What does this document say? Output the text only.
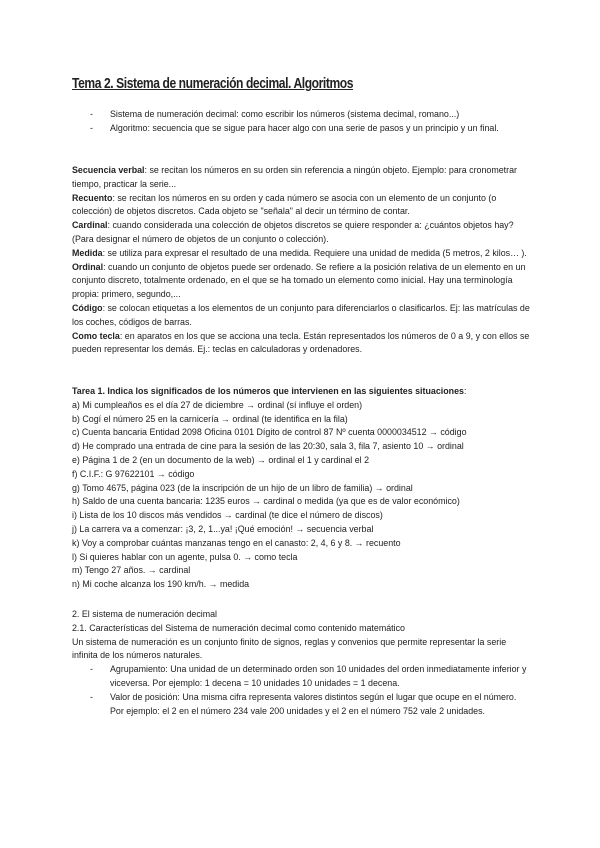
Tema 2. Sistema de numeración decimal. Algoritmos
-	Sistema de numeración decimal: como escribir los números (sistema decimal, romano...)
-	Algoritmo: secuencia que se sigue para hacer algo con una serie de pasos y un principio y un final.

Secuencia verbal: se recitan los números en su orden sin referencia a ningún objeto. Ejemplo: para cronometrar tiempo, practicar la serie...

Recuento: se recitan los números en su orden y cada número se asocia con un elemento de un conjunto (o colección) de objetos discretos. Cada objeto se "señala" al decir un término de contar.

Cardinal: cuando considerada una colección de objetos discretos se quiere responder a: ¿cuántos objetos hay? (Para designar el número de objetos de un conjunto o colección).

Medida: se utiliza para expresar el resultado de una medida. Requiere una unidad de medida (5 metros, 2 kilos… ).

Ordinal: cuando un conjunto de objetos puede ser ordenado. Se refiere a la posición relativa de un elemento en un conjunto discreto, totalmente ordenado, en el que se ha tomado un elemento como inicial. Hay una terminología propia: primero, segundo,...

Código: se colocan etiquetas a los elementos de un conjunto para diferenciarlos o clasificarlos. Ej: las matrículas de los coches, códigos de barras.

Como tecla: en aparatos en los que se acciona una tecla. Están representados los números de 0 a 9, y con ellos se pueden representar los demás. Ej.: teclas en calculadoras y ordenadores.

Tarea 1. Indica los significados de los números que intervienen en las siguientes situaciones:

a) Mi cumpleaños es el día 27 de diciembre → ordinal (sí influye el orden)

b) Cogí el número 25 en la carnicería → ordinal (te identifica en la fila)

c) Cuenta bancaria Entidad 2098 Oficina 0101 Dígito de control 87 Nº cuenta 0000034512 → código

d) He comprado una entrada de cine para la sesión de las 20:30, sala 3, fila 7, asiento 10 → ordinal

e) Página 1 de 2 (en un documento de la web) → ordinal el 1 y cardinal el 2

f) C.I.F.: G 97622101 → código

g) Tomo 4675, página 023 (de la inscripción de un hijo de un libro de familia) → ordinal

h) Saldo de una cuenta bancaria: 1235 euros → cardinal o medida (ya que es de valor económico)

i) Lista de los 10 discos más vendidos → cardinal (te dice el número de discos)

j) La carrera va a comenzar: ¡3, 2, 1...ya! ¡Qué emoción! → secuencia verbal

k) Voy a comprobar cuántas manzanas tengo en el canasto: 2, 4, 6 y 8. → recuento

l) Si quieres hablar con un agente, pulsa 0. → como tecla

m) Tengo 27 años. → cardinal

n) Mi coche alcanza los 190 km/h. → medida

2. El sistema de numeración decimal

2.1. Características del Sistema de numeración decimal como contenido matemático

Un sistema de numeración es un conjunto finito de signos, reglas y convenios que permite representar la serie infinita de los números naturales.

-	Agrupamiento: Una unidad de un determinado orden son 10 unidades del orden inmediatamente inferior y viceversa. Por ejemplo: 1 decena = 10 unidades 10 unidades = 1 decena.
-	Valor de posición: Una misma cifra representa valores distintos según el lugar que ocupe en el número. Por ejemplo: el 2 en el número 234 vale 200 unidades y el 2 en el número 752 vale 2 unidades.
